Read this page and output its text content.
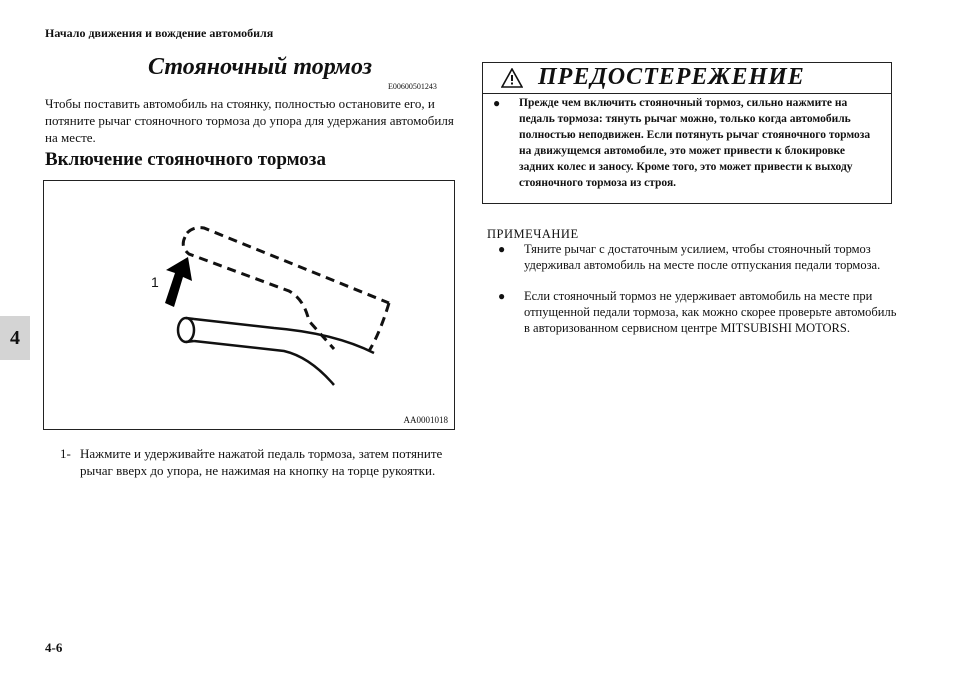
Начало движения и вождение автомобиля
4
Стояночный тормоз
E00600501243
Чтобы поставить автомобиль на стоянку, полностью остановите его, и потяните рычаг стояночного тормоза до упора для удержания автомобиля на месте.
Включение стояночного тормоза
1
AA0001018
1- Нажмите и удерживайте нажатой педаль тормоза, затем потяните рычаг вверх до упора, не нажимая на кнопку на торце рукоятки.
ПРЕДОСТЕРЕЖЕНИЕ
●	Прежде чем включить стояночный тормоз, сильно нажмите на педаль тормоза: тянуть рычаг можно, только когда автомобиль полностью неподвижен. Если потянуть рычаг стояночного тормоза на движущемся автомобиле, это может привести к блокировке задних колес и заносу. Кроме того, это может привести к выходу стояночного тормоза из строя.
ПРИМЕЧАНИЕ
●	Тяните рычаг с достаточным усилием, чтобы стояночный тормоз удерживал автомобиль на месте после отпускания педали тормоза.
●	Если стояночный тормоз не удерживает автомобиль на месте при отпущенной педали тормоза, как можно скорее проверьте автомобиль в авторизованном сервисном центре MITSUBISHI MOTORS.
4-6
